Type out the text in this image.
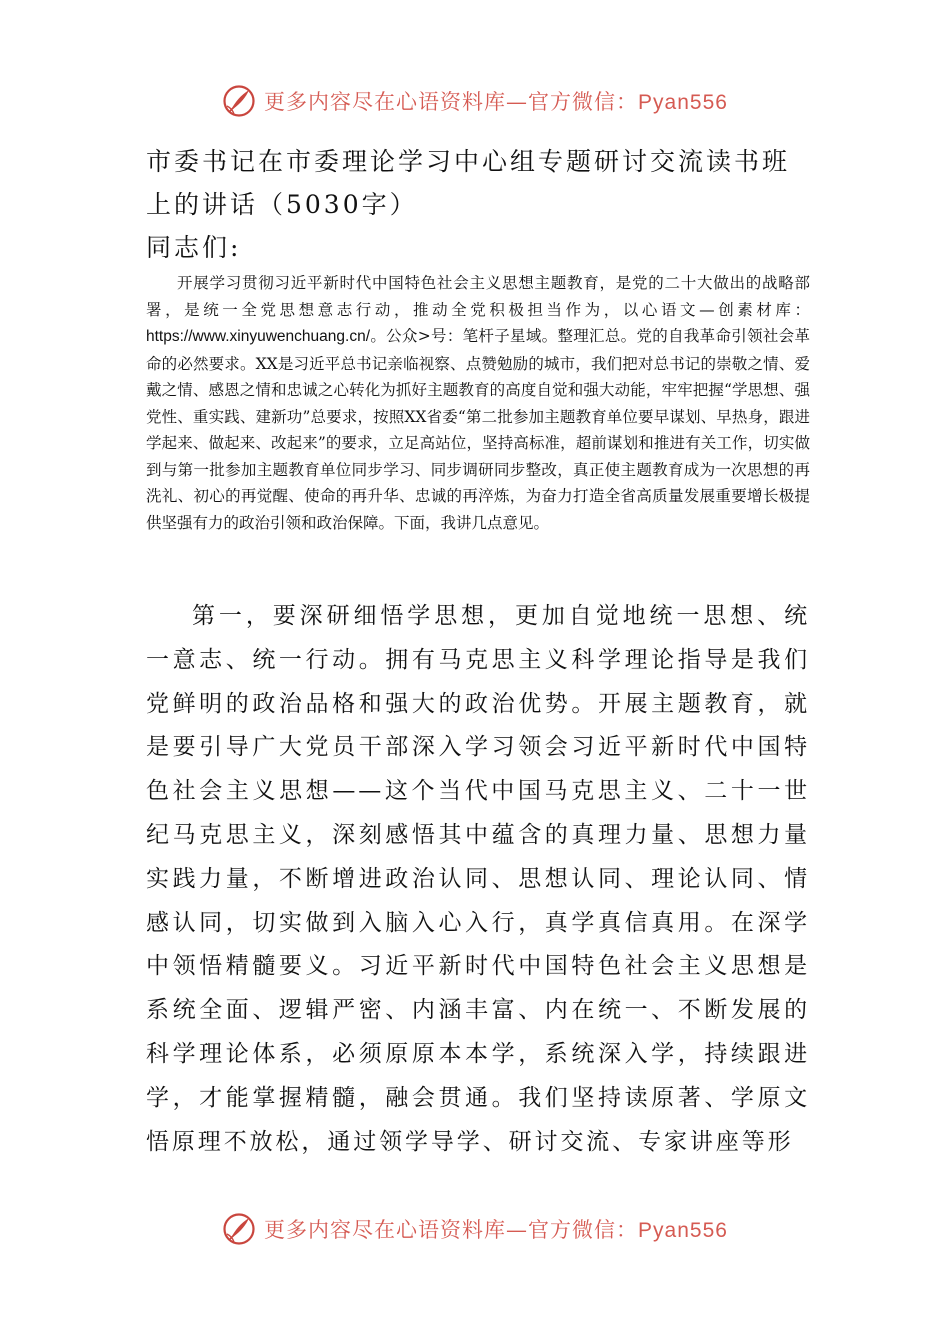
更多内容尽在心语资料库—官方微信：Pyan556
市委书记在市委理论学习中心组专题研讨交流读书班上的讲话（5030字）
同志们:

开展学习贯彻习近平新时代中国特色社会主义思想主题教育，是党的二十大做出的战略部署，是统一全党思想意志行动，推动全党积极担当作为，以心语文—创素材库：https://www.xinyuwenchuang.cn/。公众>号：笔杆子星域。整理汇总。党的自我革命引领社会革命的必然要求。XX是习近平总书记亲临视察、点赞勉励的城市，我们把对总书记的崇敬之情、爱戴之情、感恩之情和忠诚之心转化为抓好主题教育的高度自觉和强大动能，牢牢把握“学思想、强党性、重实践、建新功”总要求，按照XX省委“第二批参加主题教育单位要早谋划、早热身，跟进学起来、做起来、改起来”的要求，立足高站位，坚持高标准，超前谋划和推进有关工作，切实做到与第一批参加主题教育单位同步学习、同步调研同步整改，真正使主题教育成为一次思想的再洗礼、初心的再觉醒、使命的再升华、忠诚的再淬炼，为奋力打造全省高质量发展重要增长极提供坚强有力的政治引领和政治保障。下面，我讲几点意见。

第一，要深研细悟学思想，更加自觉地统一思想、统一意志、统一行动。拥有马克思主义科学理论指导是我们党鲜明的政治品格和强大的政治优势。开展主题教育，就是要引导广大党员干部深入学习领会习近平新时代中国特色社会主义思想——这个当代中国马克思主义、二十一世纪马克思主义，深刻感悟其中蕴含的真理力量、思想力量实践力量，不断增进政治认同、思想认同、理论认同、情感认同，切实做到入脑入心入行，真学真信真用。在深学中领悟精髓要义。习近平新时代中国特色社会主义思想是系统全面、逻辑严密、内涵丰富、内在统一、不断发展的科学理论体系，必须原原本本学，系统深入学，持续跟进学，才能掌握精髓，融会贯通。我们坚持读原著、学原文悟原理不放松，通过领学导学、研讨交流、专家讲座等形

更多内容尽在心语资料库—官方微信：Pyan556
